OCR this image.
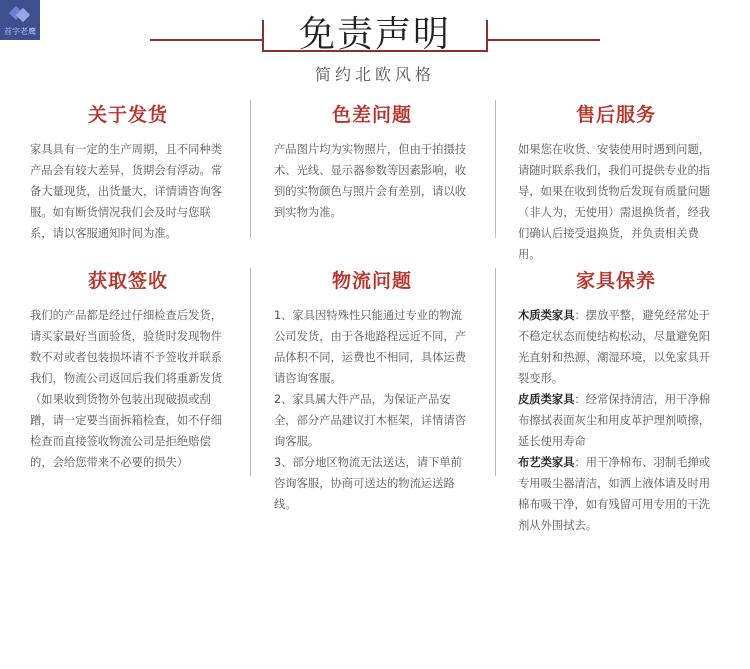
首字老鹰	免责声明
简约北欧风格
关于发货

家具具有一定的生产周期，且不同种类产品会有较大差异，货期会有浮动。常备大量现货，出货量大，详情请咨询客服。如有断货情况我们会及时与您联系，请以客服通知时间为准。

色差问题

产品图片均为实物照片，但由于拍摄技术、光线、显示器参数等因素影响，收到的实物颜色与照片会有差别，请以收到实物为准。

售后服务

如果您在收货、安装使用时遇到问题，请随时联系我们，我们可提供专业的指导，如果在收到货物后发现有质量问题（非人为，无使用）需退换货者，经我们确认后接受退换货，并负责相关费用。

获取签收

我们的产品都是经过仔细检查后发货，请买家最好当面验货，验货时发现物件数不对或者包装损坏请不予签收并联系我们，物流公司返回后我们将重新发货（如果收到货物外包装出现破损或刮蹭，请一定要当面拆箱检查，如不仔细检查而直接签收物流公司是拒绝赔偿的，会给您带来不必要的损失）

物流问题

1、家具因特殊性只能通过专业的物流公司发货，由于各地路程远近不同，产品体积不同，运费也不相同，具体运费请咨询客服。

2、家具属大件产品，为保证产品安全，部分产品建议打木框架，详情请咨询客服。

3、部分地区物流无法送达，请下单前咨询客服，协商可送达的物流运送路线。

家具保养

木质类家具：摆放平整，避免经常处于不稳定状态而使结构松动，尽量避免阳光直射和热源、潮湿环境，以免家具开裂变形。

皮质类家具：经常保持清洁，用干净棉布擦拭表面灰尘和用皮革护理剂喷擦，延长使用寿命

布艺类家具：用干净棉布、羽制毛掸或专用吸尘器清洁，如洒上液体请及时用棉布吸干净，如有残留可用专用的干洗剂从外围拭去。
